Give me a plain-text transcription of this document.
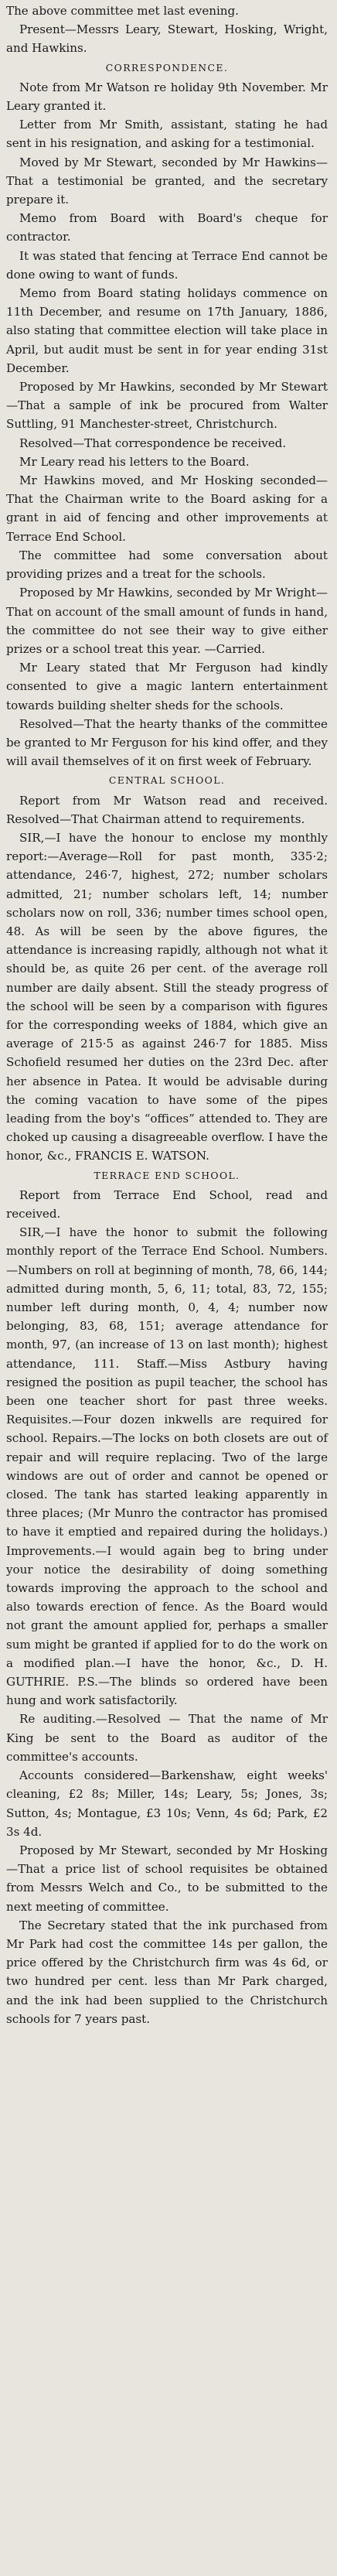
The above committee met last evening.

Present—Messrs Leary, Stewart, Hosking, Wright, and Hawkins.

CORRESPONDENCE.

Note from Mr Watson re holiday 9th November. Mr Leary granted it.

Letter from Mr Smith, assistant, stating he had sent in his resignation, and asking for a testimonial.

Moved by Mr Stewart, seconded by Mr Hawkins—That a testimonial be granted, and the secretary prepare it.

Memo from Board with Board's cheque for contractor.

It was stated that fencing at Terrace End cannot be done owing to want of funds.

Memo from Board stating holidays commence on 11th December, and resume on 17th January, 1886, also stating that committee election will take place in April, but audit must be sent in for year ending 31st December.

Proposed by Mr Hawkins, seconded by Mr Stewart—That a sample of ink be procured from Walter Suttling, 91 Manchester-street, Christchurch.

Resolved—That correspondence be received.

Mr Leary read his letters to the Board.

Mr Hawkins moved, and Mr Hosking seconded—That the Chairman write to the Board asking for a grant in aid of fencing and other improvements at Terrace End School.

The committee had some conversation about providing prizes and a treat for the schools.

Proposed by Mr Hawkins, seconded by Mr Wright—That on account of the small amount of funds in hand, the committee do not see their way to give either prizes or a school treat this year. —Carried.

Mr Leary stated that Mr Ferguson had kindly consented to give a magic lantern entertainment towards building shelter sheds for the schools.

Resolved—That the hearty thanks of the committee be granted to Mr Ferguson for his kind offer, and they will avail themselves of it on first week of February.

CENTRAL SCHOOL.

Report from Mr Watson read and received. Resolved—That Chairman attend to requirements.

SIR,—I have the honour to enclose my monthly report:—Average—Roll for past month, 335·2; attendance, 246·7, highest, 272; number scholars admitted, 21; number scholars left, 14; number scholars now on roll, 336; number times school open, 48. As will be seen by the above figures, the attendance is increasing rapidly, although not what it should be, as quite 26 per cent. of the average roll number are daily absent. Still the steady progress of the school will be seen by a comparison with figures for the corresponding weeks of 1884, which give an average of 215·5 as against 246·7 for 1885. Miss Schofield resumed her duties on the 23rd Dec. after her absence in Patea. It would be advisable during the coming vacation to have some of the pipes leading from the boy's “offices” attended to. They are choked up causing a disagreeable overflow. I have the honor, &c., FRANCIS E. WATSON.

TERRACE END SCHOOL.

Report from Terrace End School, read and received.

SIR,—I have the honor to submit the following monthly report of the Terrace End School. Numbers.—Numbers on roll at beginning of month, 78, 66, 144; admitted during month, 5, 6, 11; total, 83, 72, 155; number left during month, 0, 4, 4; number now belonging, 83, 68, 151; average attendance for month, 97, (an increase of 13 on last month); highest attendance, 111. Staff.—Miss Astbury having resigned the position as pupil teacher, the school has been one teacher short for past three weeks. Requisites.—Four dozen inkwells are required for school. Repairs.—The locks on both closets are out of repair and will require replacing. Two of the large windows are out of order and cannot be opened or closed. The tank has started leaking apparently in three places; (Mr Munro the contractor has promised to have it emptied and repaired during the holidays.) Improvements.—I would again beg to bring under your notice the desirability of doing something towards improving the approach to the school and also towards erection of fence. As the Board would not grant the amount applied for, perhaps a smaller sum might be granted if applied for to do the work on a modified plan.—I have the honor, &c., D. H. GUTHRIE. P.S.—The blinds so ordered have been hung and work satisfactorily.

Re auditing.—Resolved — That the name of Mr King be sent to the Board as auditor of the committee's accounts.

Accounts considered—Barkenshaw, eight weeks' cleaning, £2 8s; Miller, 14s; Leary, 5s; Jones, 3s; Sutton, 4s; Montague, £3 10s; Venn, 4s 6d; Park, £2 3s 4d.

Proposed by Mr Stewart, seconded by Mr Hosking—That a price list of school requisites be obtained from Messrs Welch and Co., to be submitted to the next meeting of committee.

The Secretary stated that the ink purchased from Mr Park had cost the committee 14s per gallon, the price offered by the Christchurch firm was 4s 6d, or two hundred per cent. less than Mr Park charged, and the ink had been supplied to the Christchurch schools for 7 years past.
